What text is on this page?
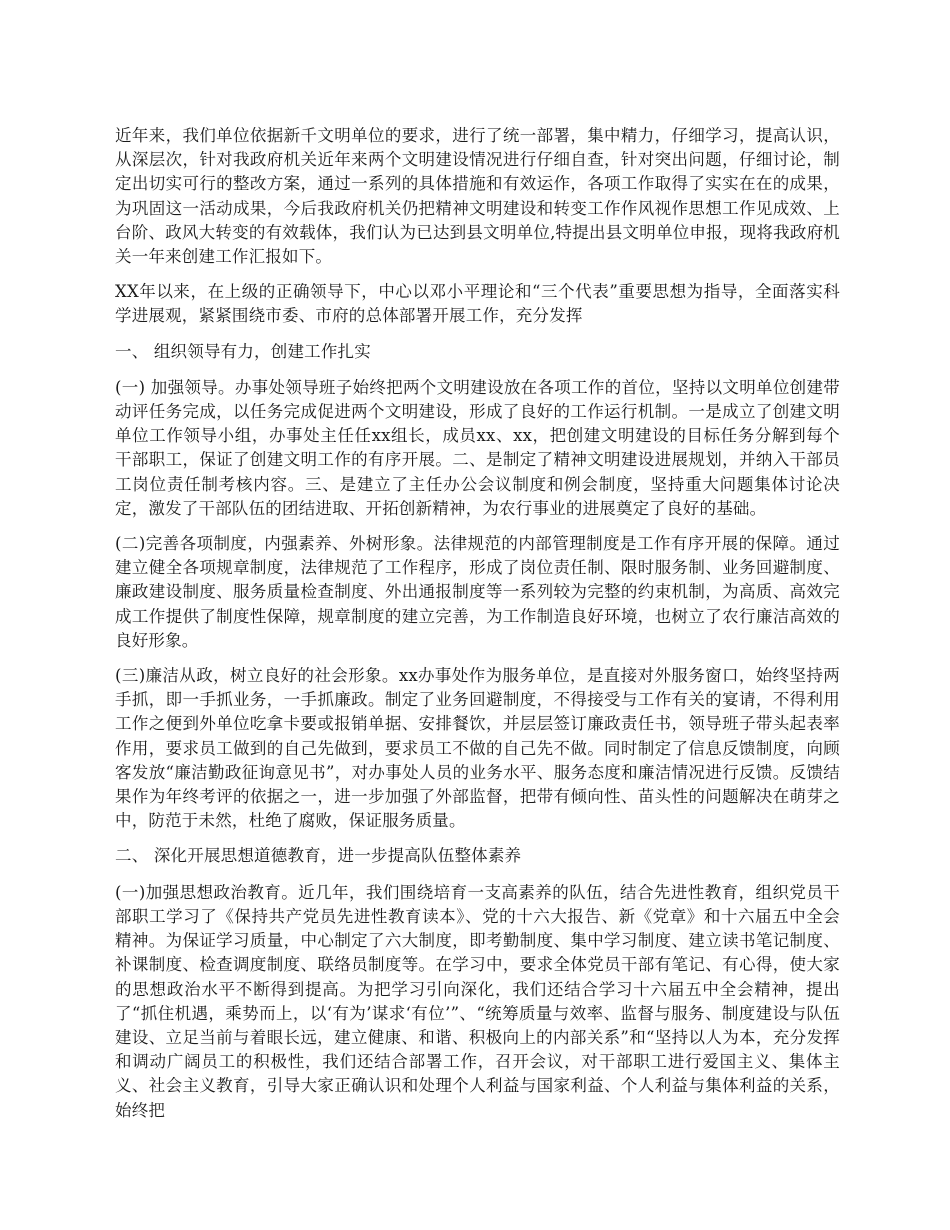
近年来，我们单位依据新千文明单位的要求，进行了统一部署，集中精力，仔细学习，提高认识，从深层次，针对我政府机关近年来两个文明建设情况进行仔细自查，针对突出问题，仔细讨论，制定出切实可行的整改方案，通过一系列的具体措施和有效运作，各项工作取得了实实在在的成果，为巩固这一活动成果，今后我政府机关仍把精神文明建设和转变工作作风视作思想工作见成效、上台阶、政风大转变的有效载体，我们认为已达到县文明单位,特提出县文明单位申报，现将我政府机关一年来创建工作汇报如下。

XX年以来，在上级的正确领导下，中心以邓小平理论和“三个代表”重要思想为指导，全面落实科学进展观，紧紧围绕市委、市府的总体部署开展工作，充分发挥

一、 组织领导有力，创建工作扎实

(一) 加强领导。办事处领导班子始终把两个文明建设放在各项工作的首位，坚持以文明单位创建带动评任务完成，以任务完成促进两个文明建设，形成了良好的工作运行机制。一是成立了创建文明单位工作领导小组，办事处主任任xx组长，成员xx、xx，把创建文明建设的目标任务分解到每个干部职工，保证了创建文明工作的有序开展。二、是制定了精神文明建设进展规划，并纳入干部员工岗位责任制考核内容。三、是建立了主任办公会议制度和例会制度，坚持重大问题集体讨论决定，激发了干部队伍的团结进取、开拓创新精神，为农行事业的进展奠定了良好的基础。

(二)完善各项制度，内强素养、外树形象。法律规范的内部管理制度是工作有序开展的保障。通过建立健全各项规章制度，法律规范了工作程序，形成了岗位责任制、限时服务制、业务回避制度、廉政建设制度、服务质量检查制度、外出通报制度等一系列较为完整的约束机制，为高质、高效完成工作提供了制度性保障，规章制度的建立完善，为工作制造良好环境，也树立了农行廉洁高效的良好形象。

(三)廉洁从政，树立良好的社会形象。xx办事处作为服务单位，是直接对外服务窗口，始终坚持两手抓，即一手抓业务，一手抓廉政。制定了业务回避制度，不得接受与工作有关的宴请，不得利用工作之便到外单位吃拿卡要或报销单据、安排餐饮，并层层签订廉政责任书，领导班子带头起表率作用，要求员工做到的自己先做到，要求员工不做的自己先不做。同时制定了信息反馈制度，向顾客发放“廉洁勤政征询意见书”，对办事处人员的业务水平、服务态度和廉洁情况进行反馈。反馈结果作为年终考评的依据之一，进一步加强了外部监督，把带有倾向性、苗头性的问题解决在萌芽之中，防范于未然，杜绝了腐败，保证服务质量。

二、 深化开展思想道德教育，进一步提高队伍整体素养

(一)加强思想政治教育。近几年，我们围绕培育一支高素养的队伍，结合先进性教育，组织党员干部职工学习了《保持共产党员先进性教育读本》、党的十六大报告、新《党章》和十六届五中全会精神。为保证学习质量，中心制定了六大制度，即考勤制度、集中学习制度、建立读书笔记制度、补课制度、检查调度制度、联络员制度等。在学习中，要求全体党员干部有笔记、有心得，使大家的思想政治水平不断得到提高。为把学习引向深化，我们还结合学习十六届五中全会精神，提出了“抓住机遇，乘势而上，以‘有为’谋求‘有位’”、“统筹质量与效率、监督与服务、制度建设与队伍建设、立足当前与着眼长远，建立健康、和谐、积极向上的内部关系”和“坚持以人为本，充分发挥和调动广阔员工的积极性，我们还结合部署工作，召开会议，对干部职工进行爱国主义、集体主义、社会主义教育，引导大家正确认识和处理个人利益与国家利益、个人利益与集体利益的关系，始终把
